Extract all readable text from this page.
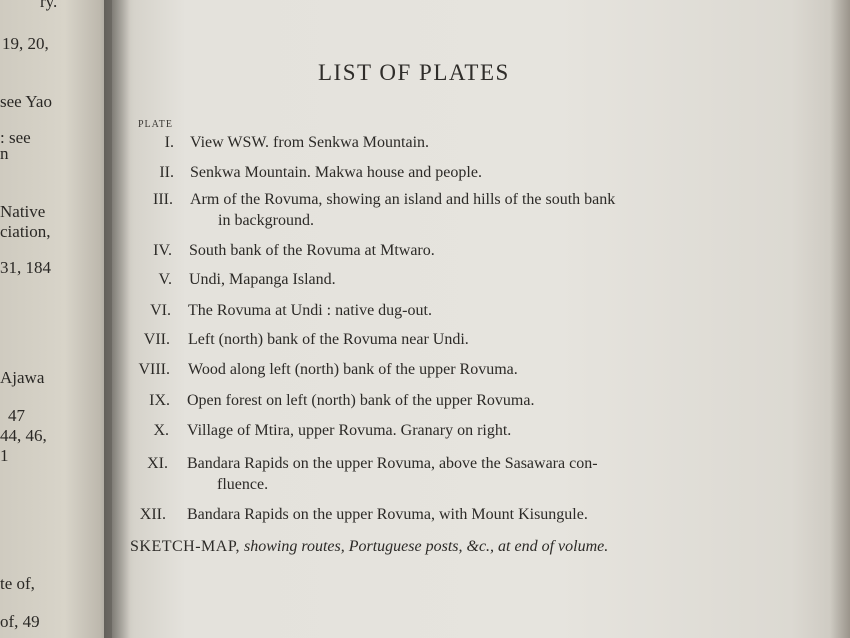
ry.
19, 20,
see Yao
: see
n
Native
ciation,
31, 184
Ajawa
47
44, 46,
1
te of,
of, 49
LIST OF PLATES
PLATE
I. View WSW. from Senkwa Mountain.
II. Senkwa Mountain. Makwa house and people.
III. Arm of the Rovuma, showing an island and hills of the south bank
in background.
IV. South bank of the Rovuma at Mtwaro.
V. Undi, Mapanga Island.
VI. The Rovuma at Undi : native dug-out.
VII. Left (north) bank of the Rovuma near Undi.
VIII. Wood along left (north) bank of the upper Rovuma.
IX. Open forest on left (north) bank of the upper Rovuma.
X. Village of Mtira, upper Rovuma. Granary on right.
XI. Bandara Rapids on the upper Rovuma, above the Sasawara con-
fluence.
XII. Bandara Rapids on the upper Rovuma, with Mount Kisungule.
SKETCH-MAP, showing routes, Portuguese posts, &c., at end of volume.
